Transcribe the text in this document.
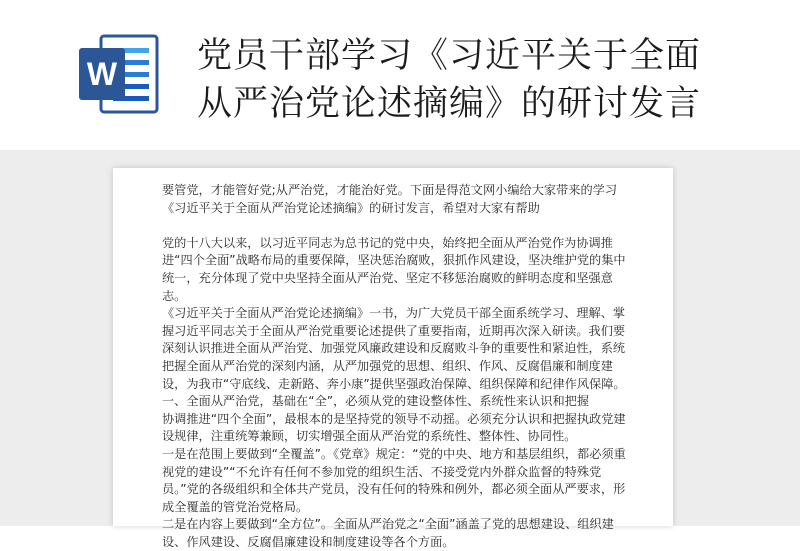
W 党员干部学习《习近平关于全面
从严治党论述摘编》的研讨发言

要管党，才能管好党;从严治党，才能治好党。下面是得范文网小编给大家带来的学习《习近平关于全面从严治党论述摘编》的研讨发言，希望对大家有帮助

党的十八大以来，以习近平同志为总书记的党中央，始终把全面从严治党作为协调推进“四个全面”战略布局的重要保障，坚决惩治腐败，狠抓作风建设，坚决维护党的集中统一，充分体现了党中央坚持全面从严治党、坚定不移惩治腐败的鲜明态度和坚强意志。

《习近平关于全面从严治党论述摘编》一书，为广大党员干部全面系统学习、理解、掌握习近平同志关于全面从严治党重要论述提供了重要指南，近期再次深入研读。我们要深刻认识推进全面从严治党、加强党风廉政建设和反腐败斗争的重要性和紧迫性，系统把握全面从严治党的深刻内涵，从严加强党的思想、组织、作风、反腐倡廉和制度建设，为我市“守底线、走新路、奔小康”提供坚强政治保障、组织保障和纪律作风保障。

一、全面从严治党，基础在“全”，必须从党的建设整体性、系统性来认识和把握

协调推进“四个全面”，最根本的是坚持党的领导不动摇。必须充分认识和把握执政党建设规律，注重统筹兼顾，切实增强全面从严治党的系统性、整体性、协同性。

一是在范围上要做到“全覆盖”。《党章》规定：“党的中央、地方和基层组织，都必须重视党的建设”“不允许有任何不参加党的组织生活、不接受党内外群众监督的特殊党员。”党的各级组织和全体共产党员，没有任何的特殊和例外，都必须全面从严要求，形成全覆盖的管党治党格局。

二是在内容上要做到“全方位”。全面从严治党之“全面”涵盖了党的思想建设、组织建设、作风建设、反腐倡廉建设和制度建设等各个方面。
